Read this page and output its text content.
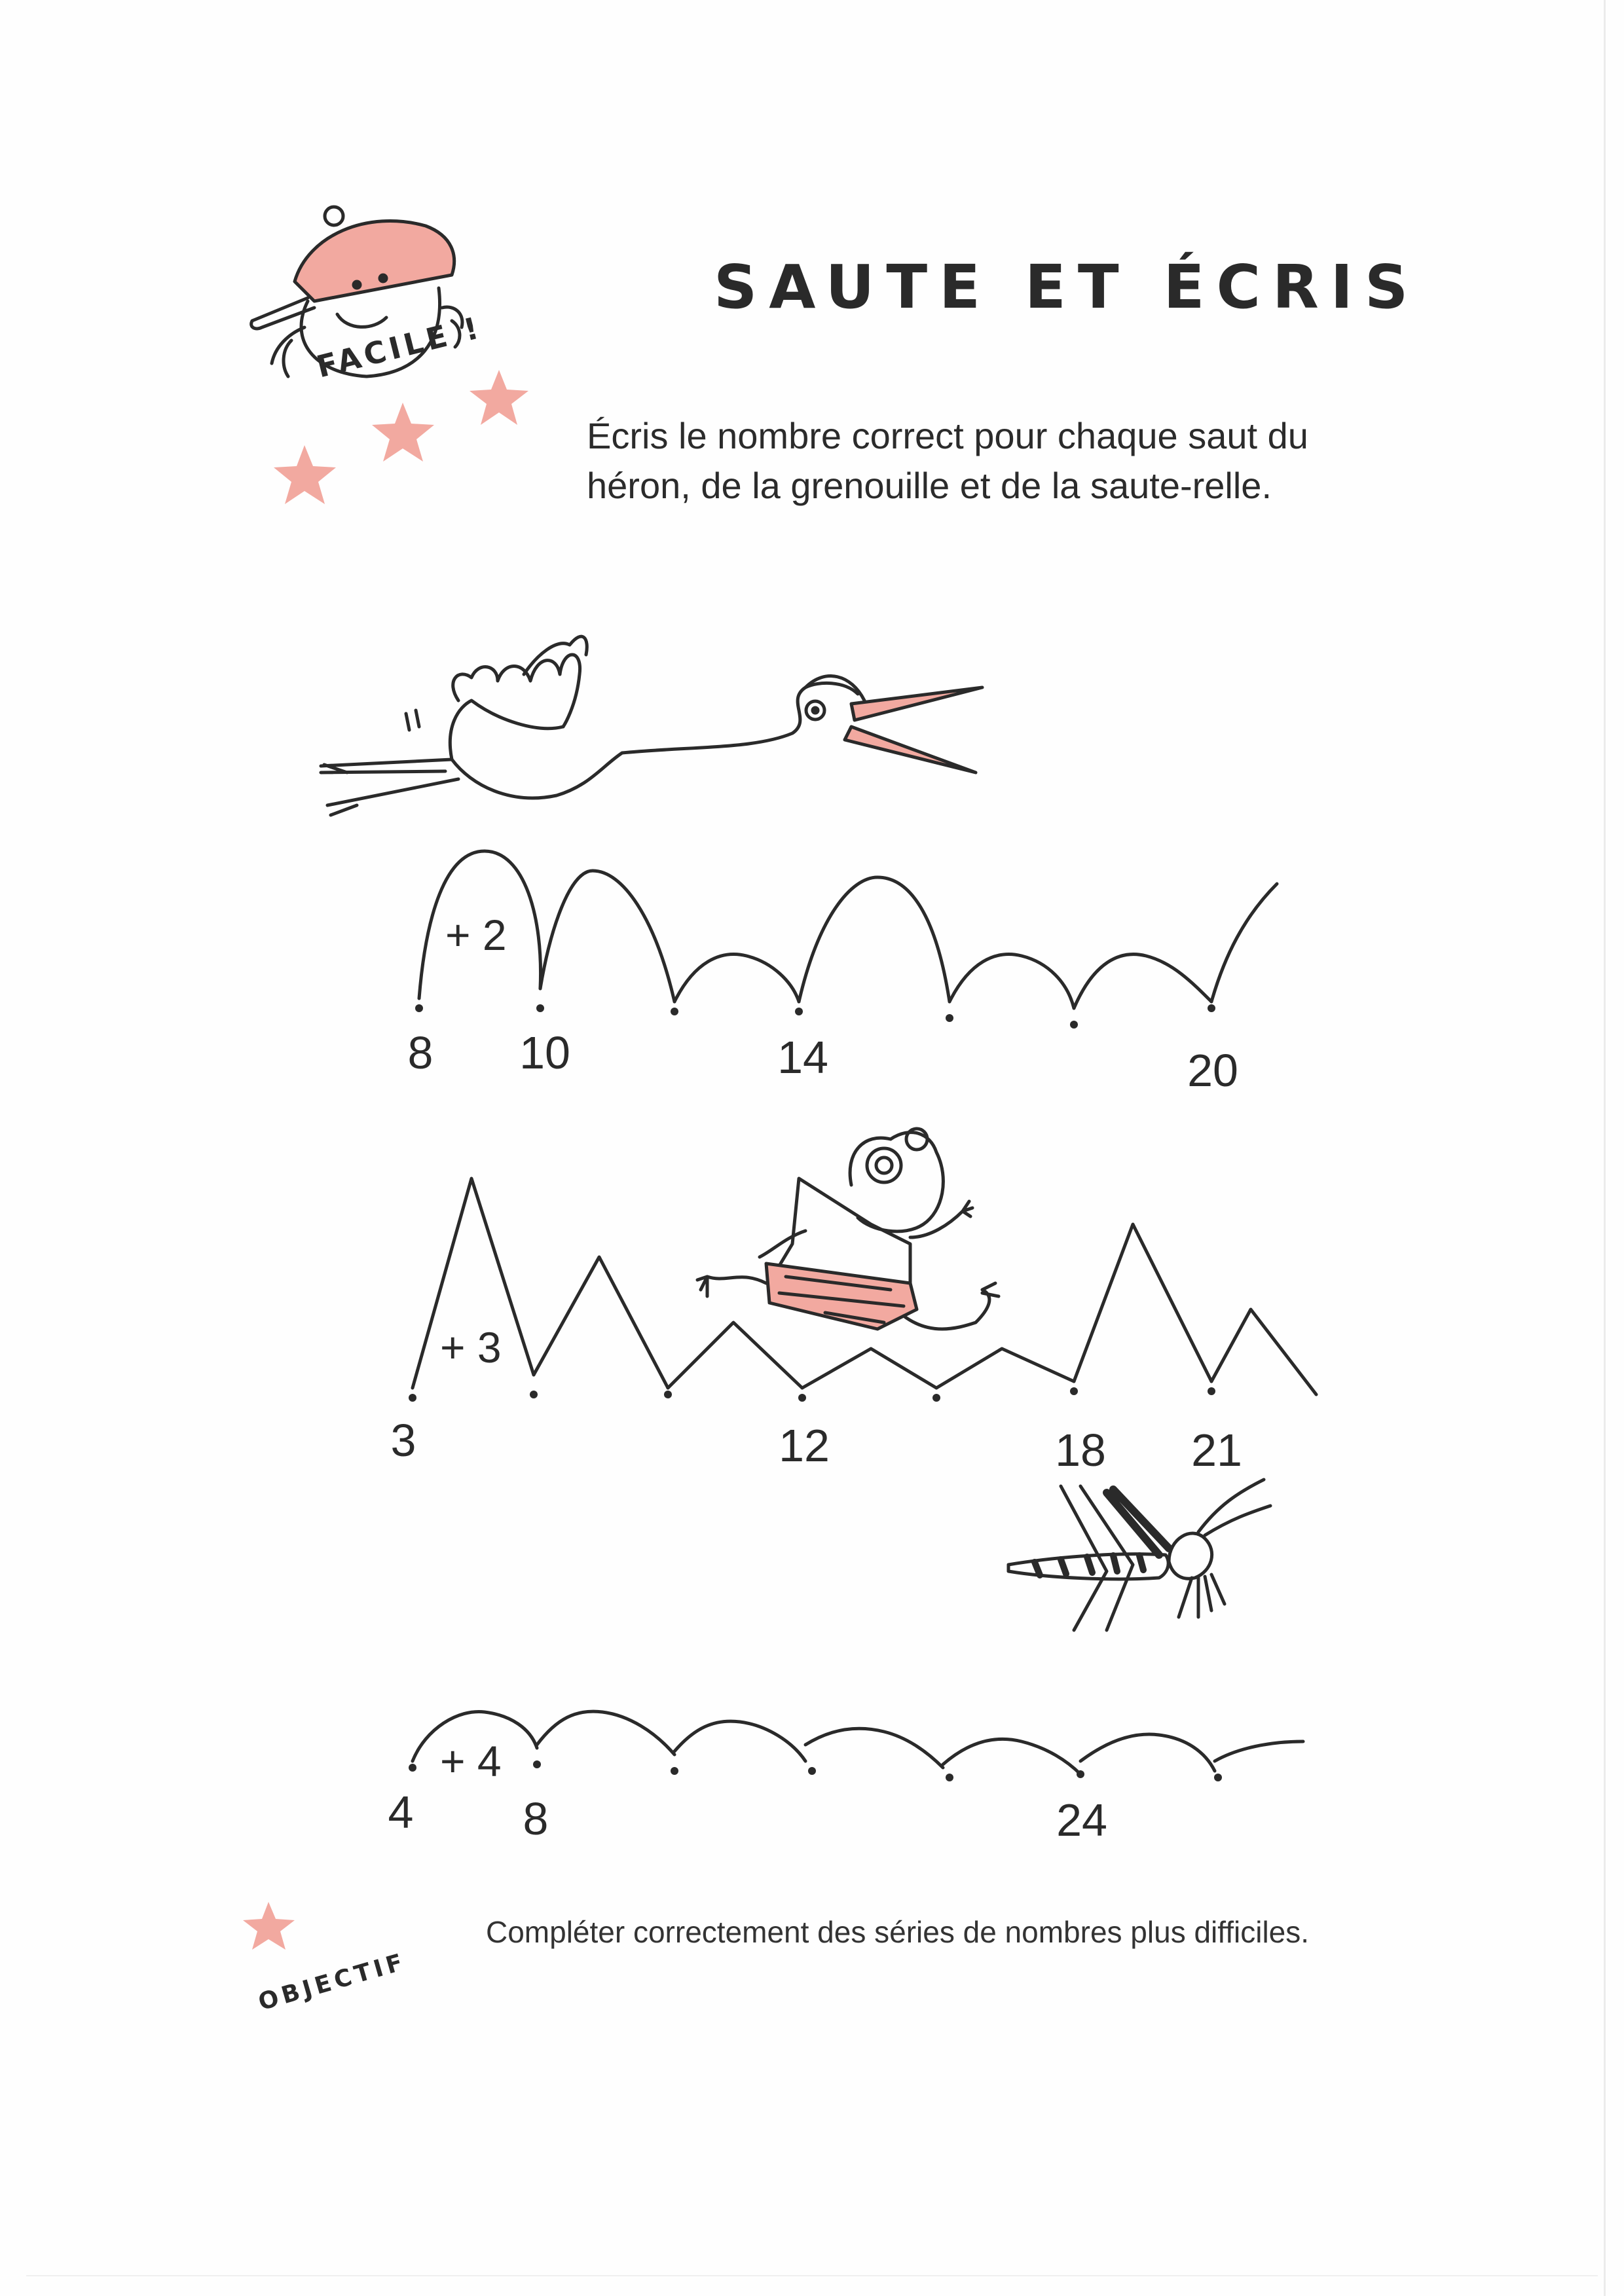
FACILE !
SAUTE ET ÉCRIS
Écris le nombre correct pour chaque saut du héron, de la grenouille et de la saute-relle.
+ 2
8 10	14	20
+ 3
3	12	18 21
+ 4
4 8	24
OBJECTIF
Compléter correctement des séries de nombres plus difficiles.
